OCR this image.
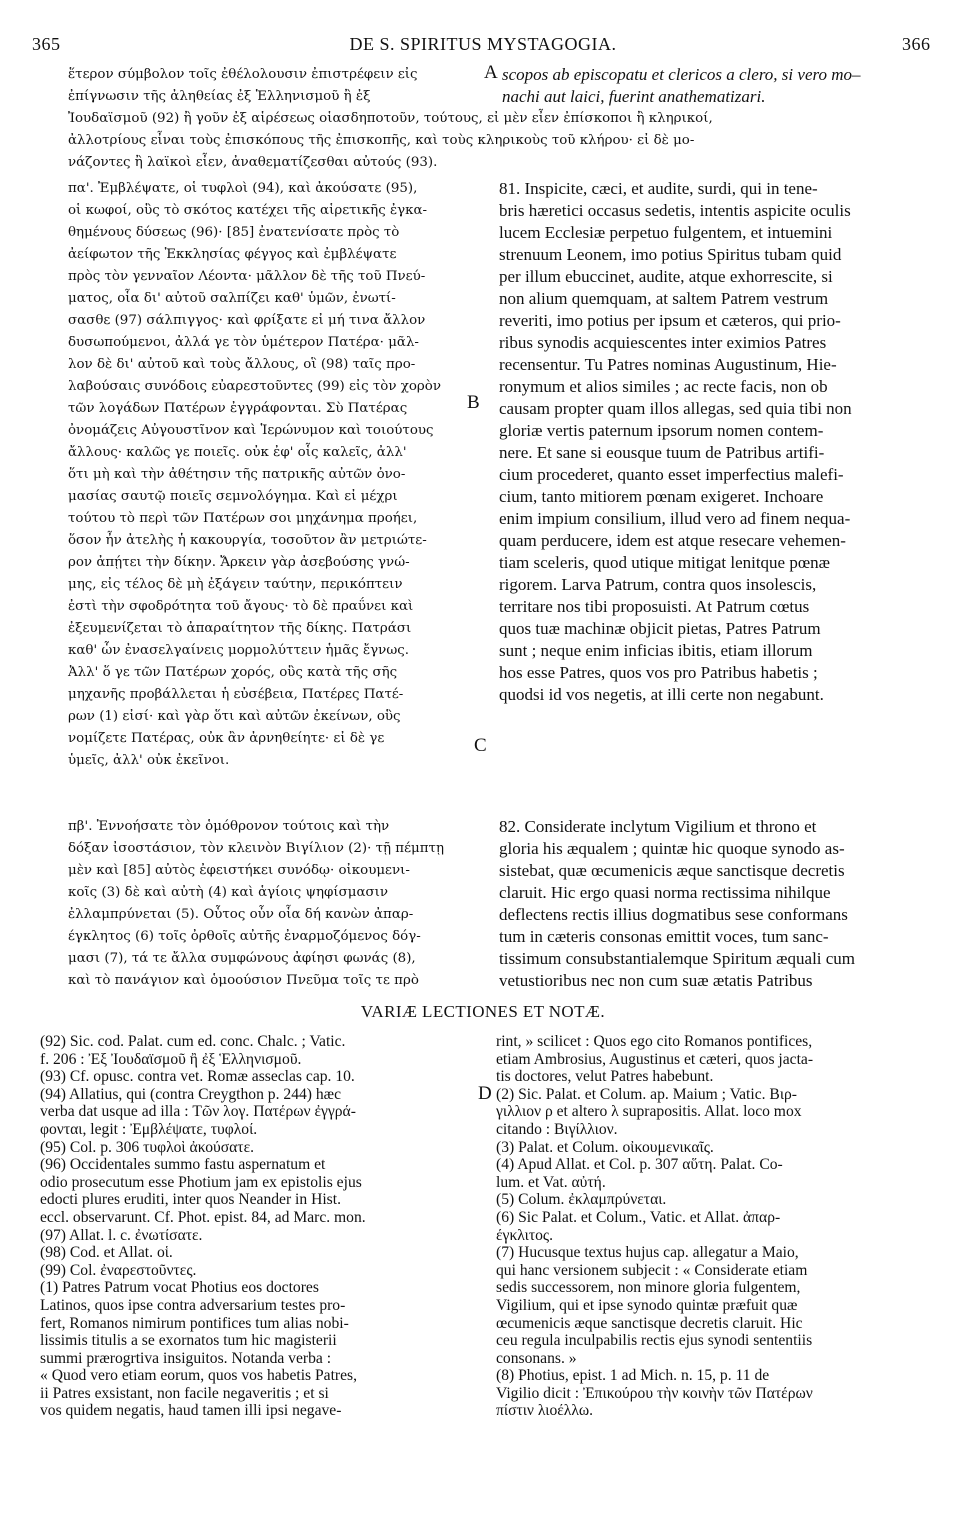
365	DE S. SPIRITUS MYSTAGOGIA.	366
ἕτερον σύμβολον τοῖς ἐθέλολουσιν ἐπιστρέφειν εἰς
ἐπίγνωσιν τῆς ἀληθείας ἐξ Ἑλληνισμοῦ ἢ ἐξ
A scopos ab episcopatu et clericos a clero, si vero mo–
nachi aut laici, fuerint anathematizari.
Ἰουδαϊσμοῦ (92) ἢ γοῦν ἐξ αἱρέσεως οἱασδηποτοῦν, τούτους, εἰ μὲν εἶεν ἐπίσκοποι ἢ κληρικοί,
ἀλλοτρίους εἶναι τοὺς ἐπισκόπους τῆς ἐπισκοπῆς, καὶ τοὺς κληρικοὺς τοῦ κλήρου· εἰ δὲ μο-
νάζοντες ἢ λαϊκοὶ εἶεν, ἀναθεματίζεσθαι αὐτούς (93).
πα'. Ἐμβλέψατε, οἱ τυφλοὶ (94), καὶ ἀκούσατε (95),
οἱ κωφοί, οὓς τὸ σκότος κατέχει τῆς αἱρετικῆς ἐγκα-
θημένους δύσεως (96)· [85] ἐνατενίσατε πρὸς τὸ
ἀείφωτον τῆς Ἐκκλησίας φέγγος καὶ ἐμβλέψατε
πρὸς τὸν γενναῖον Λέοντα· μᾶλλον δὲ τῆς τοῦ Πνεύ-
ματος, οἷα δι' αὐτοῦ σαλπίζει καθ' ὑμῶν, ἐνωτί-
σασθε (97) σάλπιγγος· καὶ φρίξατε εἰ μή τινα ἄλλον
δυσωπούμενοι, ἀλλά γε τὸν ὑμέτερον Πατέρα· μᾶλ-
λον δὲ δι' αὐτοῦ καὶ τοὺς ἄλλους, οἳ (98) ταῖς προ-
λαβούσαις συνόδοις εὐαρεστοῦντες (99) εἰς τὸν χορὸν
τῶν λογάδων Πατέρων ἐγγράφονται. Σὺ Πατέρας
ὀνομάζεις Αὐγουστῖνον καὶ Ἱερώνυμον καὶ τοιούτους
ἄλλους· καλῶς γε ποιεῖς. οὐκ ἐφ' οἷς καλεῖς, ἀλλ'
ὅτι μὴ καὶ τὴν ἀθέτησιν τῆς πατρικῆς αὐτῶν ὀνο-
μασίας σαυτῷ ποιεῖς σεμνολόγημα. Καὶ εἰ μέχρι
τούτου τὸ περὶ τῶν Πατέρων σοι μηχάνημα προήει,
ὅσον ἦν ἀτελὴς ἡ κακουργία, τοσοῦτον ἂν μετριώτε-
ρον ἀπῄτει τὴν δίκην. Ἄρκειν γὰρ ἀσεβούσης γνώ-
μης, εἰς τέλος δὲ μὴ ἐξάγειν ταύτην, περικόπτειν
ἐστὶ τὴν σφοδρότητα τοῦ ἄγους· τὸ δὲ πραΰνει καὶ
ἐξευμενίζεται τὸ ἀπαραίτητον τῆς δίκης. Πατράσι
καθ' ὧν ἐνασελγαίνεις μορμολύττειν ἡμᾶς ἔγνως.
Ἀλλ' ὅ γε τῶν Πατέρων χορός, οὓς κατὰ τῆς σῆς
μηχανῆς προβάλλεται ἡ εὐσέβεια, Πατέρες Πατέ-
ρων (1) εἰσί· καὶ γὰρ ὅτι καὶ αὐτῶν ἐκείνων, οὓς
νομίζετε Πατέρας, οὐκ ἂν ἀρνηθείητε· εἰ δὲ γε
ὑμεῖς, ἀλλ' οὐκ ἐκεῖνοι.
B
C
81. Inspicite, cæci, et audite, surdi, qui in tene-
bris hæretici occasus sedetis, intentis aspicite oculis
lucem Ecclesiæ perpetuo fulgentem, et intuemini
strenuum Leonem, imo potius Spiritus tubam quid
per illum ebuccinet, audite, atque exhorrescite, si
non alium quemquam, at saltem Patrem vestrum
reveriti, imo potius per ipsum et cæteros, qui prio-
ribus synodis acquiescentes inter eximios Patres
recensentur. Tu Patres nominas Augustinum, Hie-
ronymum et alios similes ; ac recte facis, non ob
causam propter quam illos allegas, sed quia tibi non
gloriæ vertis paternum ipsorum nomen contem-
nere. Et sane si eousque tuum de Patribus artifi-
cium procederet, quanto esset imperfectius malefi-
cium, tanto mitiorem pœnam exigeret. Inchoare
enim impium consilium, illud vero ad finem nequa-
quam perducere, idem est atque resecare vehemen-
tiam sceleris, quod utique mitigat lenitque pœnæ
rigorem. Larva Patrum, contra quos insolescis,
territare nos tibi proposuisti. At Patrum cœtus
quos tuæ machinæ objicit pietas, Patres Patrum
sunt ; neque enim inficias ibitis, etiam illorum
hos esse Patres, quos vos pro Patribus habetis ;
quodsi id vos negetis, at illi certe non negabunt.
πβ'. Ἐννοήσατε τὸν ὁμόθρονον τούτοις καὶ τὴν
δόξαν ἰσοστάσιον, τὸν κλεινὸν Βιγίλιον (2)· τῇ πέμπτῃ
μὲν καὶ [85] αὐτὸς ἐφειστήκει συνόδῳ· οἰκουμενι-
κοῖς (3) δὲ καὶ αὐτὴ (4) καὶ ἁγίοις ψηφίσμασιν
ἐλλαμπρύνεται (5). Οὗτος οὖν οἷα δή κανὼν ἀπαρ-
έγκλητος (6) τοῖς ὀρθοῖς αὐτῆς ἐναρμοζόμενος δόγ-
μασι (7), τά τε ἄλλα συμφώνους ἀφίησι φωνάς (8),
καὶ τὸ πανάγιον καὶ ὁμοούσιον Πνεῦμα τοῖς τε πρὸ
82. Considerate inclytum Vigilium et throno et
gloria his æqualem ; quintæ hic quoque synodo as-
sistebat, quæ œcumenicis æque sanctisque decretis
claruit. Hic ergo quasi norma rectissima nihilque
deflectens rectis illius dogmatibus sese conformans
tum in cæteris consonas emittit voces, tum sanc-
tissimum consubstantialemque Spiritum æquali cum
vetustioribus nec non cum suæ ætatis Patribus
VARIÆ LECTIONES ET NOTÆ.
D
(92) Sic. cod. Palat. cum ed. conc. Chalc. ; Vatic.
f. 206 : Ἐξ Ἰουδαϊσμοῦ ἢ ἐξ Ἑλληνισμοῦ.
(93) Cf. opusc. contra vet. Romæ asseclas cap. 10.
(94) Allatius, qui (contra Creygthon p. 244) hæc
verba dat usque ad illa : Τῶν λογ. Πατέρων ἐγγρά-
φονται, legit : Ἐμβλέψατε, τυφλοί.
(95) Col. p. 306 τυφλοὶ ἀκούσατε.
(96) Occidentales summo fastu aspernatum et
odio prosecutum esse Photium jam ex epistolis ejus
edocti plures eruditi, inter quos Neander in Hist.
eccl. observarunt. Cf. Phot. epist. 84, ad Marc. mon.
(97) Allat. l. c. ἐνωτίσατε.
(98) Cod. et Allat. οἱ.
(99) Col. ἐναρεστοῦντες.
(1) Patres Patrum vocat Photius eos doctores
Latinos, quos ipse contra adversarium testes pro-
fert, Romanos nimirum pontifices tum alias nobi-
lissimis titulis a se exornatos tum hic magisterii
summi prærogrtiva insiguitos. Notanda verba :
« Quod vero etiam eorum, quos vos habetis Patres,
ii Patres exsistant, non facile negaveritis ; et si
vos quidem negatis, haud tamen illi ipsi negave-
rint, » scilicet : Quos ego cito Romanos pontifices,
etiam Ambrosius, Augustinus et cæteri, quos jacta-
tis doctores, velut Patres habebunt.
(2) Sic. Palat. et Colum. ap. Maium ; Vatic. Βιρ-
γιλλιον ρ et altero λ suprapositis. Allat. loco mox
citando : Βιγίλλιον.
(3) Palat. et Colum. οἰκουμενικαῖς.
(4) Apud Allat. et Col. p. 307 αὕτη. Palat. Co-
lum. et Vat. αὐτή.
(5) Colum. ἐκλαμπρύνεται.
(6) Sic Palat. et Colum., Vatic. et Allat. ἀπαρ-
έγκλιτος.
(7) Hucusque textus hujus cap. allegatur a Maio,
qui hanc versionem subjecit : « Considerate etiam
sedis successorem, non minore gloria fulgentem,
Vigilium, qui et ipse synodo quintæ præfuit quæ
œcumenicis æque sanctisque decretis claruit. Hic
ceu regula inculpabilis rectis ejus synodi sententiis
consonans. »
(8) Photius, epist. 1 ad Mich. n. 15, p. 11 de
Vigilio dicit : Ἐπικούρου τὴν κοινὴν τῶν Πατέρων
πίστιν λιοέλλω.
